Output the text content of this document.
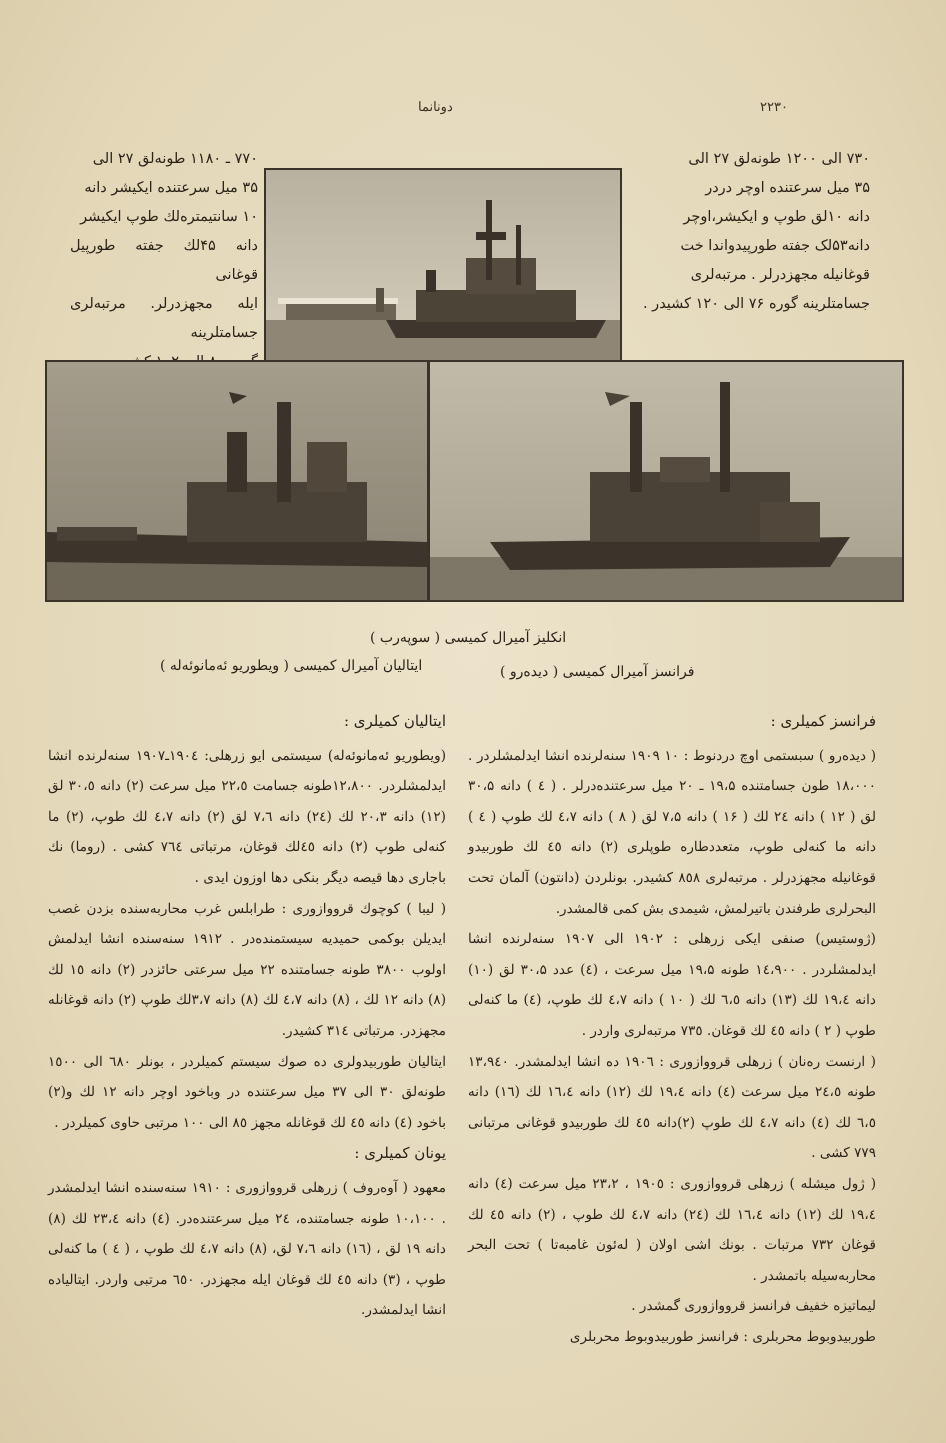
دونانما	۲۲۳۰

۷۳۰ الی ۱۲۰۰ طونەلق ۲۷ الی

۳۵ میل سرعتندە اوچر دردر

دانە ۱۰لق طوپ و ایکیشر،اوچر

دانە۵۳لک جفتە طورپیدواندا خت

قوغانیلە مجهزدرلر . مرتبەلری

جسامتلرینە گورە ۷۶ الی ۱۲۰ کشیدر .

۷۷۰ ـ ۱۱۸۰ طونەلق ۲۷ الی

۳۵ میل سرعتندە ایکیشر دانە

۱۰ سانتیمترەلك طوپ ایکیشر

دانە ۴۵لك جفتە طورپیل قوغانی

ایلە مجهزدرلر. مرتبەلری جسامتلرینە

انکلیز آمیرال کمیسی ( سوپەرب )
ایتالیان آمیرال کمیسی ( ویطوریو ئەمانوئەلە )	فرانسز آمیرال کمیسی ( دیدەرو )

فرانسز کمیلری :

( دیدەرو ) سبستمی اوچ دردنوط : ۱۰ ۱۹۰۹ سنەلرندە انشا ایدلمشلردر . ۱۸،۰۰۰ طون جسامتندە ۱۹،۵ ـ ۲۰ میل سرعتندەدرلر . ( ٤ ) دانە ۳۰،۵ لق ( ۱۲ ) دانە ۲٤ لك ( ۱۶ ) دانە ۷،۵ لق ( ۸ ) دانە ٤،۷ لك طوپ ( ٤ ) دانە ما کنەلی طوپ، متعددطاره طوپلری (۲) دانە ٤٥ لك طوربیدو قوغانیلە مجهزدرلر . مرتبەلری ۸٥۸ کشیدر. بونلردن (دانتون) آلمان تحت البحرلری طرفندن باتیرلمش، شیمدی بش کمی قالمشدر.

(ژوستیس) صنفی ایکی زرهلی : ۱۹۰۲ الی ۱۹۰۷ سنەلرندە انشا ایدلمشلردر . ۱٤،۹۰۰ طونە ۱۹،۵ میل سرعت ، (٤) عدد ۳۰،۵ لق (۱۰) دانە ۱۹،٤ لك (۱۳) دانە ٦،٥ لك ( ۱۰ ) دانە ٤،۷ لك طوپ، (٤) ما کنەلی طوپ ( ۲ ) دانە ٤٥ لك قوغان. ۷۳٥ مرتبەلری واردر .

( ارنست رەنان ) زرهلی قرووازوری : ۱۹۰٦ دە انشا ایدلمشدر. ۱۳،۹٤۰ طونە ۲٤،٥ میل سرعت (٤) دانە ۱۹،٤ لك (۱۲) دانە ۱٦،٤ لك (۱٦) دانە ٦،٥ لك (٤) دانە ٤،۷ لك طوپ (۲)دانە ٤٥ لك طوربیدو قوغانی مرتبانی ۷۷۹ کشی .

( ژول میشلە ) زرهلی قرووازوری : ۱۹۰٥ ، ۲۳،۲ میل سرعت (٤) دانە ۱۹،٤ لك (۱۲) دانە ۱٦،٤ لك (۲٤) دانە ٤،۷ لك طوپ ، (۲) دانە ٤٥ لك قوغان ۷۳۲ مرتبات . بونك اشی اولان ( لەئون غامبەتا ) تحت البحر محاربەسیلە باتمشدر .

لیماتیزە خفیف فرانسز قرووازوری گمشدر .

طوربیدوبوط محربلری : فرانسز طوربیدوبوط محربلری

ایتالیان کمیلری :

(ویطوریو ئەمانوئەلە) سیستمی ایو زرهلی: ۱۹۰٤ـ۱۹۰۷ سنەلرندە انشا ایدلمشلردر. ۱۲،۸۰۰طونە جسامت ۲۲،٥ میل سرعت (۲) دانە ۳۰،٥ لق (۱۲) دانە ۲۰،۳ لك (۲٤) دانە ۷،٦ لق (۲) دانە ٤،۷ لك طوپ، (۲) ما کنەلی طوپ (۲) دانە ٤٥لك قوغان، مرتباتی ۷٦٤ کشی . (روما) نك باجاری دها قیصە دیگر بنکی دها اوزون ایدی .

( لیبا ) کوچوك قرووازوری : طرابلس غرب محاربەسندە بزدن غصب ایدیلن بوکمی حمیدیە سیستمندەدر . ۱۹۱۲ سنەسندە انشا ایدلمش اولوب ۳۸۰۰ طونە جسامتندە ۲۲ میل سرعتی حائزدر (۲) دانە ۱٥ لك (۸) دانە ۱۲ لك ، (۸) دانە ٤،۷ لك (۸) دانە ۳،۷لك طوپ (۲) دانە قوغانلە مجهزدر. مرتباتی ۳۱٤ کشیدر.

ایتالیان طوربیدولری دە صوك سیستم کمیلردر ، بونلر ٦۸۰ الی ۱٥۰۰ طونەلق ۳۰ الی ۳۷ میل سرعتندە در وباخود اوچر دانە ۱۲ لك و(۲) باخود (٤) دانە ٤٥ لك قوغانلە مجهز ۸٥ الی ۱۰۰ مرتبی حاوی کمیلردر .

یونان کمیلری :

معهود ( آوەروف ) زرهلی قرووازوری : ۱۹۱۰ سنەسندە انشا ایدلمشدر . ۱۰،۱۰۰ طونە جسامتندە، ۲٤ میل سرعتندەدر. (٤) دانە ۲۳،٤ لك (۸) دانە ۱۹ لق ، (۱٦) دانە ۷،٦ لق، (۸) دانە ٤،۷ لك طوپ ، ( ٤ ) ما کنەلی طوپ ، (۳) دانە ٤٥ لك قوغان ایلە مجهزدر. ٦٥۰ مرتبی واردر. ایتالیادە انشا ایدلمشدر.
